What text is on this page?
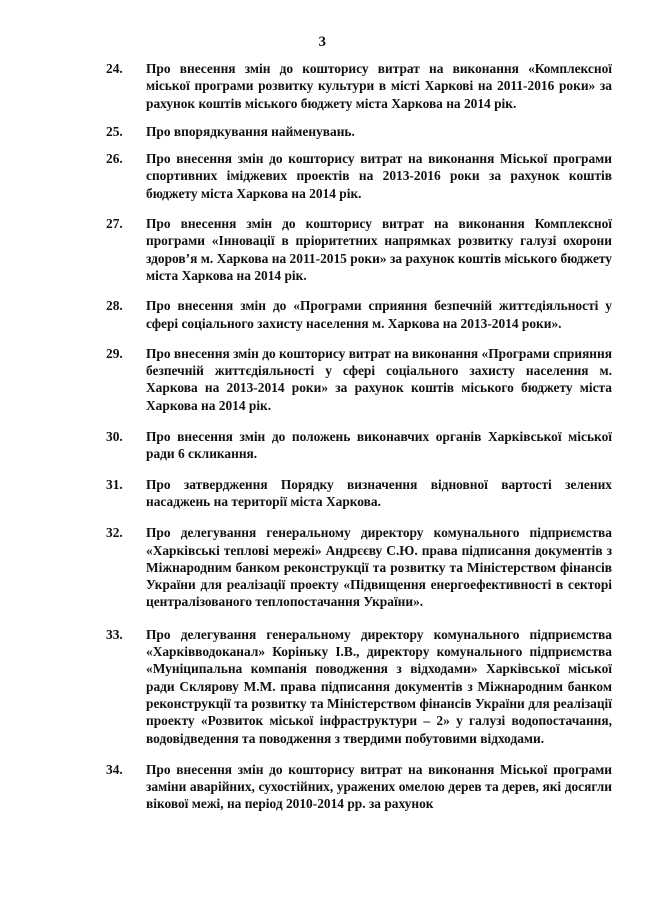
3
24.	Про внесення змін до кошторису витрат на виконання «Комплексної міської програми розвитку культури в місті Харкові на 2011-2016 роки» за рахунок коштів міського бюджету міста Харкова на 2014 рік.
25.	Про впорядкування найменувань.
26.	Про внесення змін до кошторису витрат на виконання Міської програми спортивних іміджевих проектів на 2013-2016 роки за рахунок коштів бюджету міста Харкова на 2014 рік.
27.	Про внесення змін до кошторису витрат на виконання Комплексної програми «Інновації в пріоритетних напрямках розвитку галузі охорони здоров’я м. Харкова на 2011-2015 роки» за рахунок коштів міського бюджету міста Харкова на 2014 рік.
28.	Про внесення змін до «Програми сприяння безпечній життєдіяльності у сфері соціального захисту населення м. Харкова на 2013-2014 роки».
29.	Про внесення змін до кошторису витрат на виконання «Програми сприяння безпечній життєдіяльності у сфері соціального захисту населення м. Харкова на 2013-2014 роки» за рахунок коштів міського бюджету міста Харкова на 2014 рік.
30.	Про внесення змін до положень виконавчих органів Харківської міської ради 6 скликання.
31.	Про затвердження Порядку визначення відновної вартості зелених насаджень на території міста Харкова.
32.	Про делегування генеральному директору комунального підприємства «Харківські теплові мережі» Андрєєву С.Ю. права підписання документів з Міжнародним банком реконструкції та розвитку та Міністерством фінансів України для реалізації проекту «Підвищення енергоефективності в секторі централізованого теплопостачання України».
33.	Про делегування генеральному директору комунального підприємства «Харківводоканал» Коріньку І.В., директору комунального підприємства «Муніципальна компанія поводження з відходами» Харківської міської ради Склярову М.М. права підписання документів з Міжнародним банком реконструкції та розвитку та Міністерством фінансів України для реалізації проекту «Розвиток міської інфраструктури – 2» у галузі водопостачання, водовідведення та поводження з твердими побутовими відходами.
34.	Про внесення змін до кошторису витрат на виконання Міської програми заміни аварійних, сухостійних, уражених омелою дерев та дерев, які досягли вікової межі, на період 2010-2014 рр. за рахунок
